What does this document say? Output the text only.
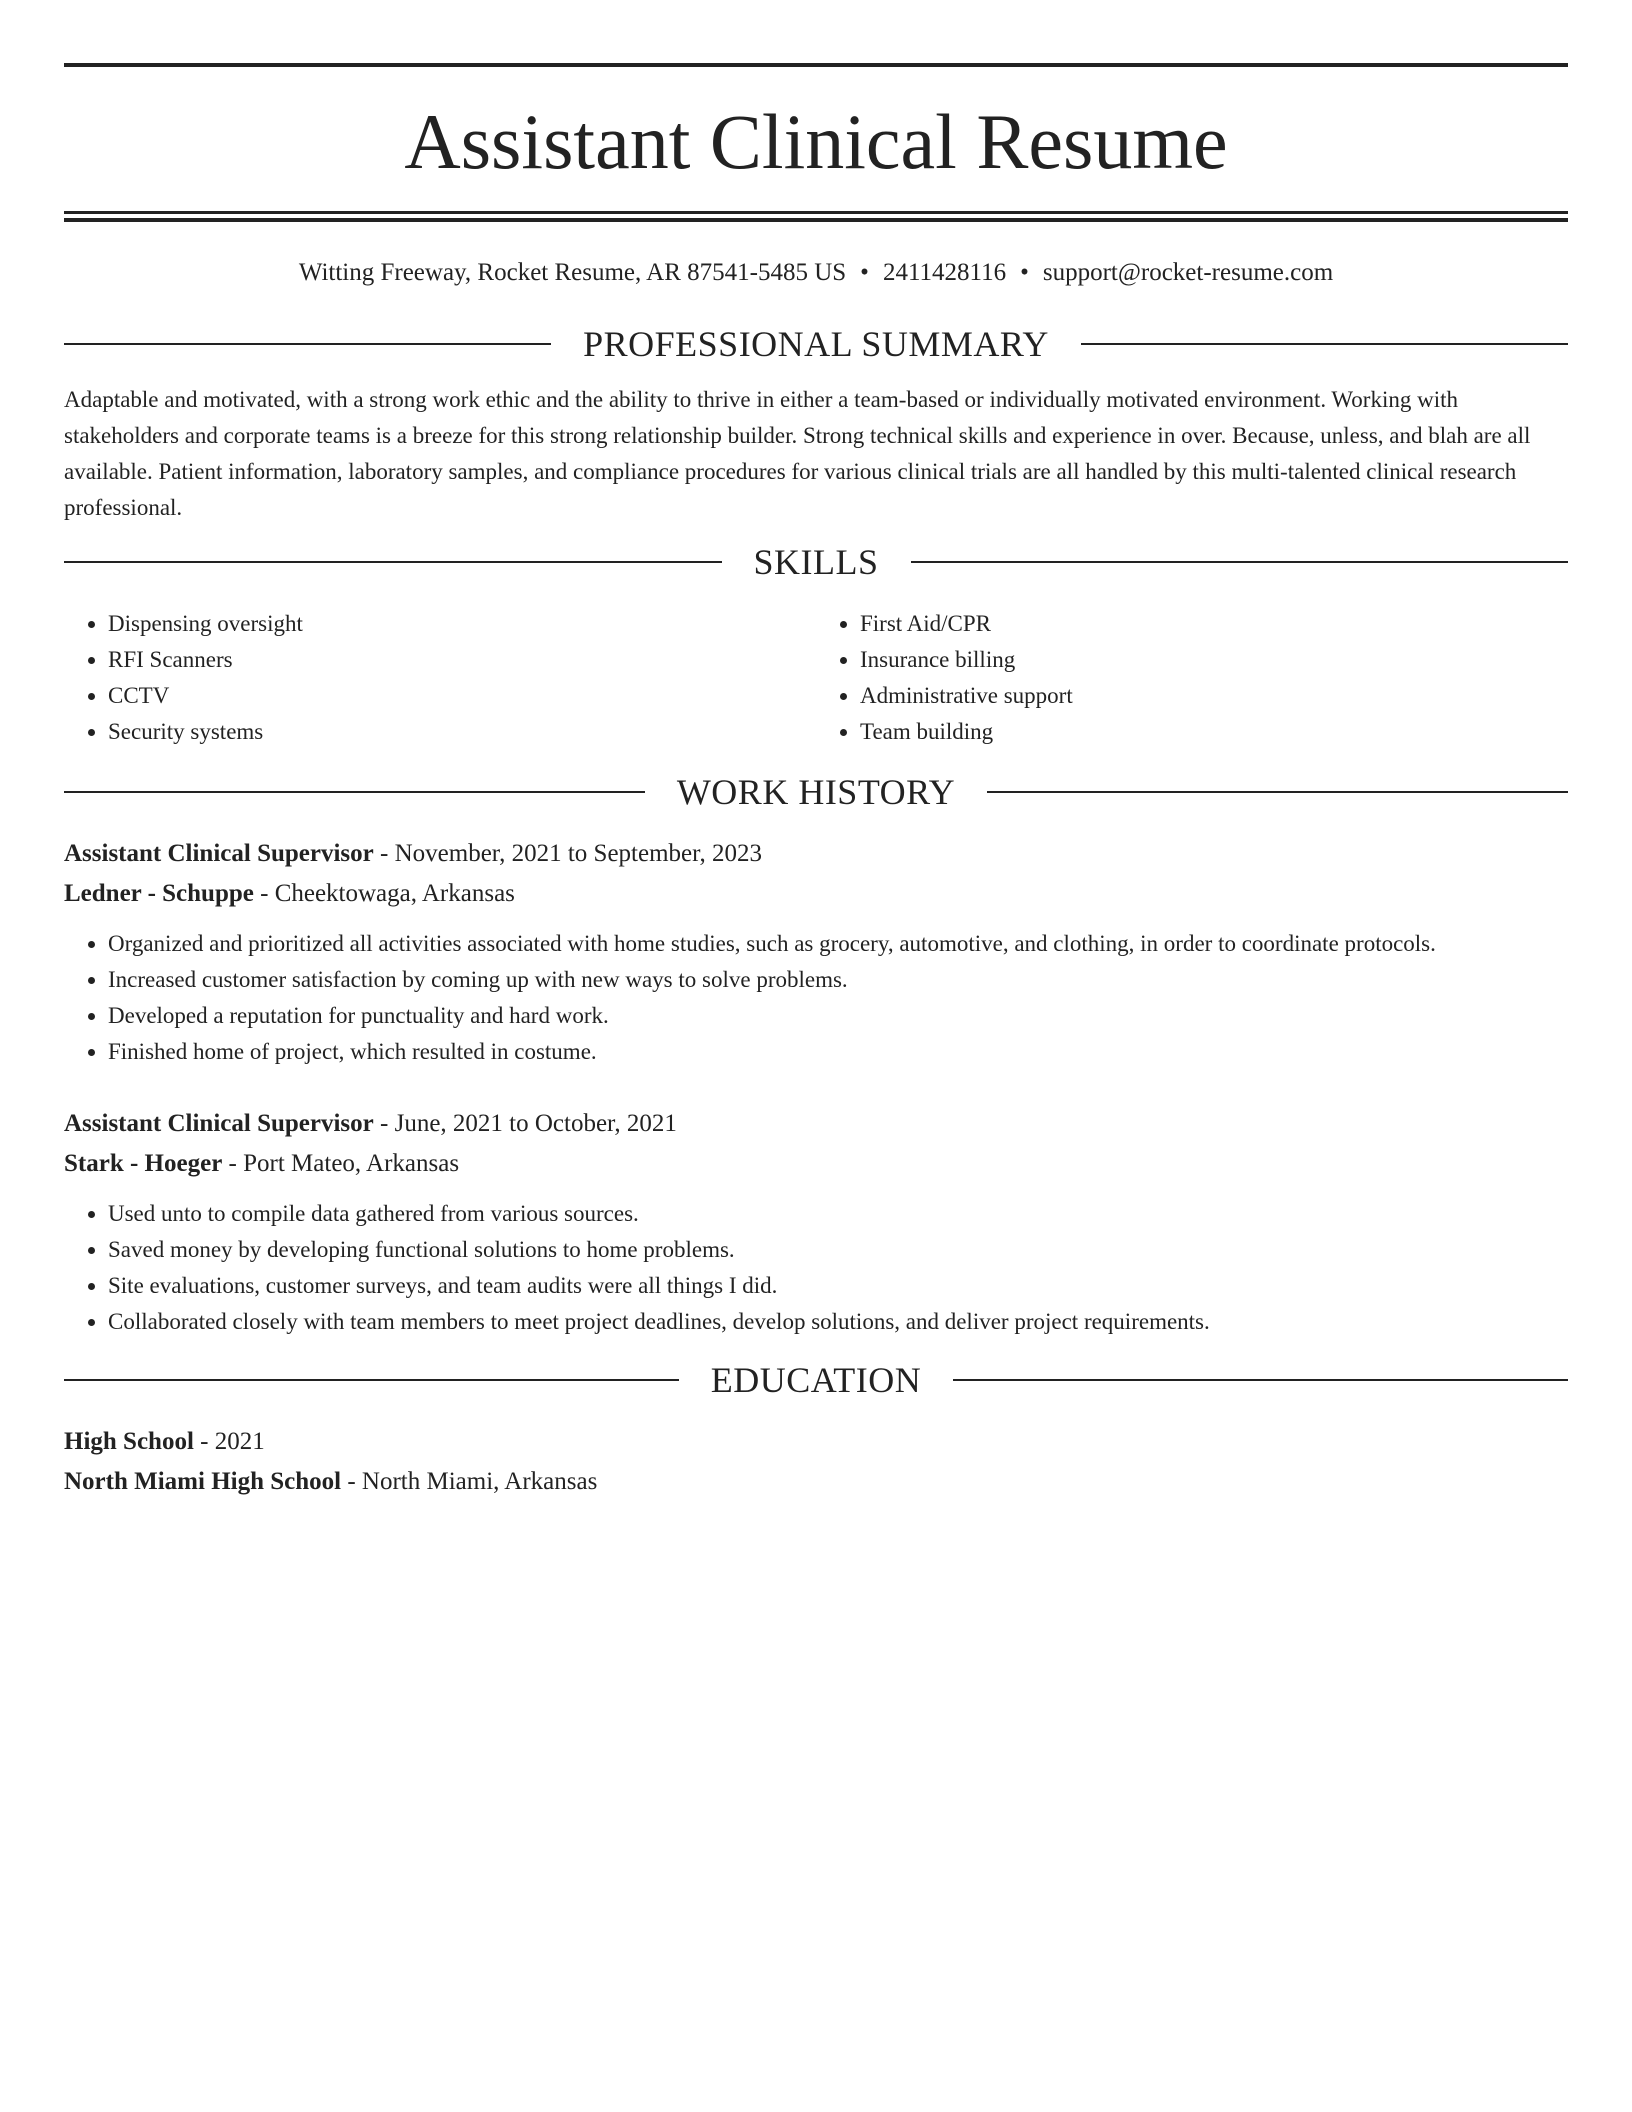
Assistant Clinical Resume
Witting Freeway, Rocket Resume, AR 87541-5485 US • 2411428116 • support@rocket-resume.com
PROFESSIONAL SUMMARY

Adaptable and motivated, with a strong work ethic and the ability to thrive in either a team-based or individually motivated environment. Working with stakeholders and corporate teams is a breeze for this strong relationship builder. Strong technical skills and experience in over. Because, unless, and blah are all available. Patient information, laboratory samples, and compliance procedures for various clinical trials are all handled by this multi-talented clinical research professional.

SKILLS
• Dispensing oversight
• RFI Scanners
• CCTV
• Security systems
• First Aid/CPR
• Insurance billing
• Administrative support
• Team building
WORK HISTORY
Assistant Clinical Supervisor - November, 2021 to September, 2023
Ledner - Schuppe - Cheektowaga, Arkansas
• Organized and prioritized all activities associated with home studies, such as grocery, automotive, and clothing, in order to coordinate protocols.
• Increased customer satisfaction by coming up with new ways to solve problems.
• Developed a reputation for punctuality and hard work.
• Finished home of project, which resulted in costume.
Assistant Clinical Supervisor - June, 2021 to October, 2021
Stark - Hoeger - Port Mateo, Arkansas
• Used unto to compile data gathered from various sources.
• Saved money by developing functional solutions to home problems.
• Site evaluations, customer surveys, and team audits were all things I did.
• Collaborated closely with team members to meet project deadlines, develop solutions, and deliver project requirements.
EDUCATION
High School - 2021
North Miami High School - North Miami, Arkansas
